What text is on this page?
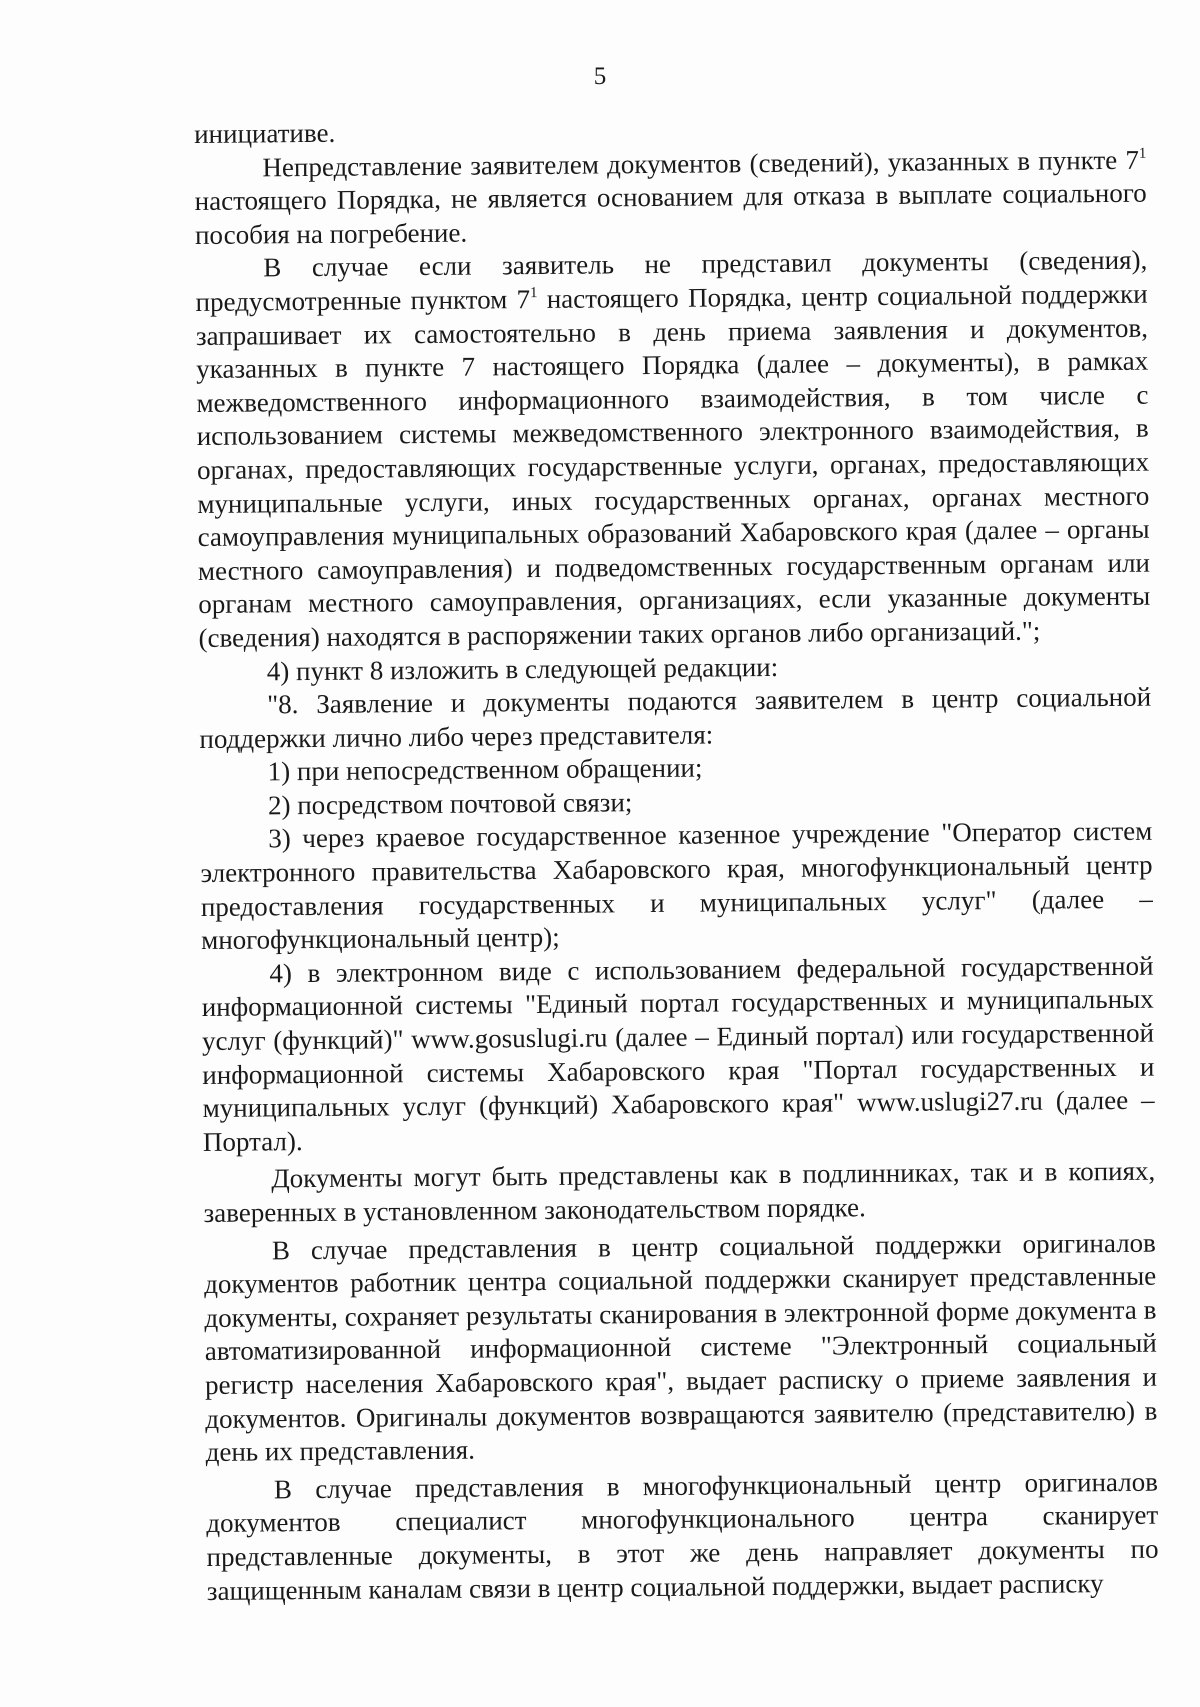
5

инициативе.

Непредставление заявителем документов (сведений), указанных в пункте $7^1$ настоящего Порядка, не является основанием для отказа в выплате социального пособия на погребение.

В случае если заявитель не представил документы (сведения), предусмотренные пунктом $7^1$ настоящего Порядка, центр социальной поддержки запрашивает их самостоятельно в день приема заявления и документов, указанных в пункте 7 настоящего Порядка (далее – документы), в рамках межведомственного информационного взаимодействия, в том числе с использованием системы межведомственного электронного взаимодействия, в органах, предоставляющих государственные услуги, органах, предоставляющих муниципальные услуги, иных государственных органах, органах местного самоуправления муниципальных образований Хабаровского края (далее – органы местного самоуправления) и подведомственных государственным органам или органам местного самоуправления, организациях, если указанные документы (сведения) находятся в распоряжении таких органов либо организаций.";

4) пункт 8 изложить в следующей редакции:

"8. Заявление и документы подаются заявителем в центр социальной поддержки лично либо через представителя:

1) при непосредственном обращении;

2) посредством почтовой связи;

3) через краевое государственное казенное учреждение "Оператор систем электронного правительства Хабаровского края, многофункциональный центр предоставления государственных и муниципальных услуг" (далее – многофункциональный центр);

4) в электронном виде с использованием федеральной государственной информационной системы "Единый портал государственных и муниципальных услуг (функций)" www.gosuslugi.ru (далее – Единый портал) или государственной информационной системы Хабаровского края "Портал государственных и муниципальных услуг (функций) Хабаровского края" www.uslugi27.ru (далее – Портал).

Документы могут быть представлены как в подлинниках, так и в копиях, заверенных в установленном законодательством порядке.

В случае представления в центр социальной поддержки оригиналов документов работник центра социальной поддержки сканирует представленные документы, сохраняет результаты сканирования в электронной форме документа в автоматизированной информационной системе "Электронный социальный регистр населения Хабаровского края", выдает расписку о приеме заявления и документов. Оригиналы документов возвращаются заявителю (представителю) в день их представления.

В случае представления в многофункциональный центр оригиналов документов специалист многофункционального центра сканирует представленные документы, в этот же день направляет документы по защищенным каналам связи в центр социальной поддержки, выдает расписку
